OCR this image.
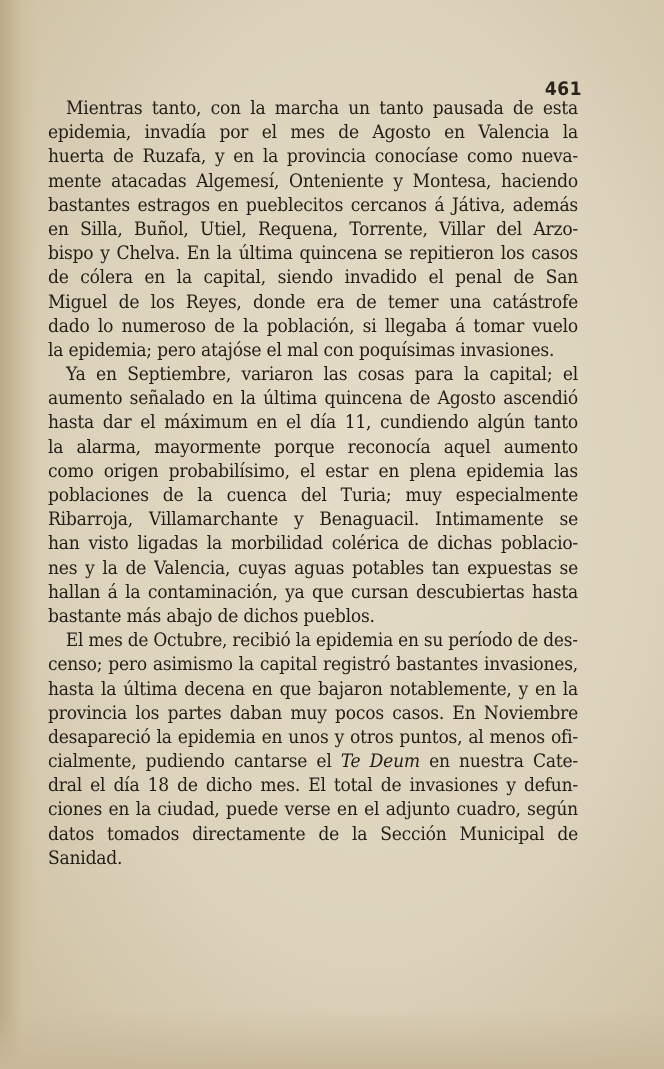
461
Mientras tanto, con la marcha un tanto pausada de esta
epidemia, invadía por el mes de Agosto en Valencia la
huerta de Ruzafa, y en la provincia conocíase como nueva-
mente atacadas Algemesí, Onteniente y Montesa, haciendo
bastantes estragos en pueblecitos cercanos á Játiva, además
en Silla, Buñol, Utiel, Requena, Torrente, Villar del Arzo-
bispo y Chelva. En la última quincena se repitieron los casos
de cólera en la capital, siendo invadido el penal de San
Miguel de los Reyes, donde era de temer una catástrofe
dado lo numeroso de la población, si llegaba á tomar vuelo
la epidemia; pero atajóse el mal con poquísimas invasiones.
Ya en Septiembre, variaron las cosas para la capital; el
aumento señalado en la última quincena de Agosto ascendió
hasta dar el máximum en el día 11, cundiendo algún tanto
la alarma, mayormente porque reconocía aquel aumento
como origen probabilísimo, el estar en plena epidemia las
poblaciones de la cuenca del Turia; muy especialmente
Ribarroja, Villamarchante y Benaguacil. Intimamente se
han visto ligadas la morbilidad colérica de dichas poblacio-
nes y la de Valencia, cuyas aguas potables tan expuestas se
hallan á la contaminación, ya que cursan descubiertas hasta
bastante más abajo de dichos pueblos.
El mes de Octubre, recibió la epidemia en su período de des-
censo; pero asimismo la capital registró bastantes invasiones,
hasta la última decena en que bajaron notablemente, y en la
provincia los partes daban muy pocos casos. En Noviembre
desapareció la epidemia en unos y otros puntos, al menos ofi-
cialmente, pudiendo cantarse el Te Deum en nuestra Cate-
dral el día 18 de dicho mes. El total de invasiones y defun-
ciones en la ciudad, puede verse en el adjunto cuadro, según
datos tomados directamente de la Sección Municipal de
Sanidad.
